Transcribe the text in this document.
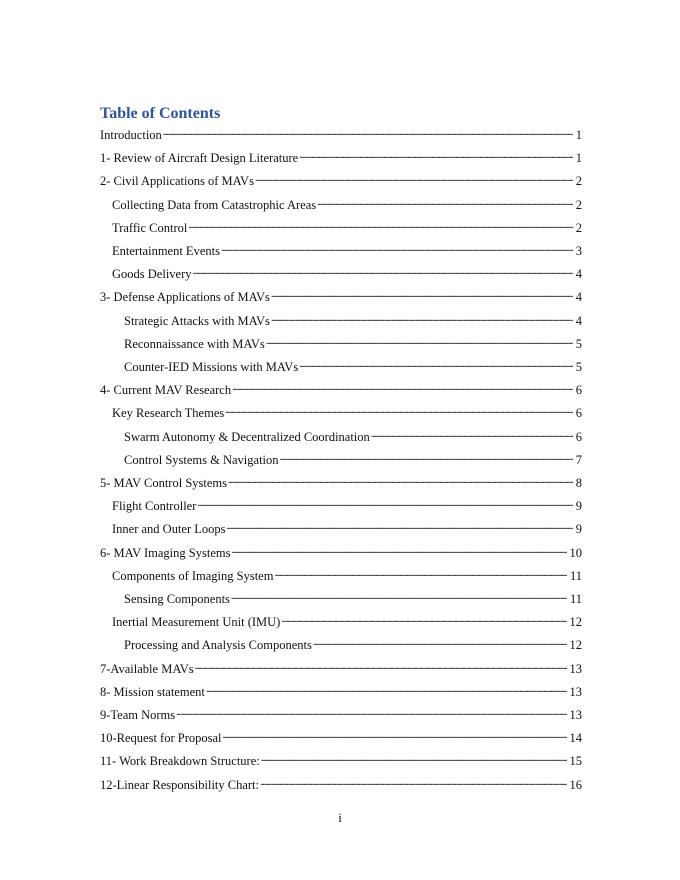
Table of Contents
i
Introduction . . .	1
1- Review of Aircraft Design Literature . . .	1
2- Civil Applications of MAVs . . .	2
Collecting Data from Catastrophic Areas . . .	2
Traffic Control . . .	2
Entertainment Events . . .	3
Goods Delivery . . .	4
3- Defense Applications of MAVs . . .	4
Strategic Attacks with MAVs . . .	4
Reconnaissance with MAVs . . .	5
Counter-IED Missions with MAVs . . .	5
4- Current MAV Research . . .	6
Key Research Themes . . .	6
Swarm Autonomy & Decentralized Coordination . . .	6
Control Systems & Navigation . . .	7
5- MAV Control Systems . . .	8
Flight Controller . . .	9
Inner and Outer Loops . . .	9
6- MAV Imaging Systems . . .	10
Components of Imaging System . . .	11
Sensing Components . . .	11
Inertial Measurement Unit (IMU) . . .	12
Processing and Analysis Components . . .	12
7-Available MAVs . . .	13
8- Mission statement . . .	13
9-Team Norms . . .	13
10-Request for Proposal . . .	14
11- Work Breakdown Structure: . . .	15
12-Linear Responsibility Chart: . . .	16
